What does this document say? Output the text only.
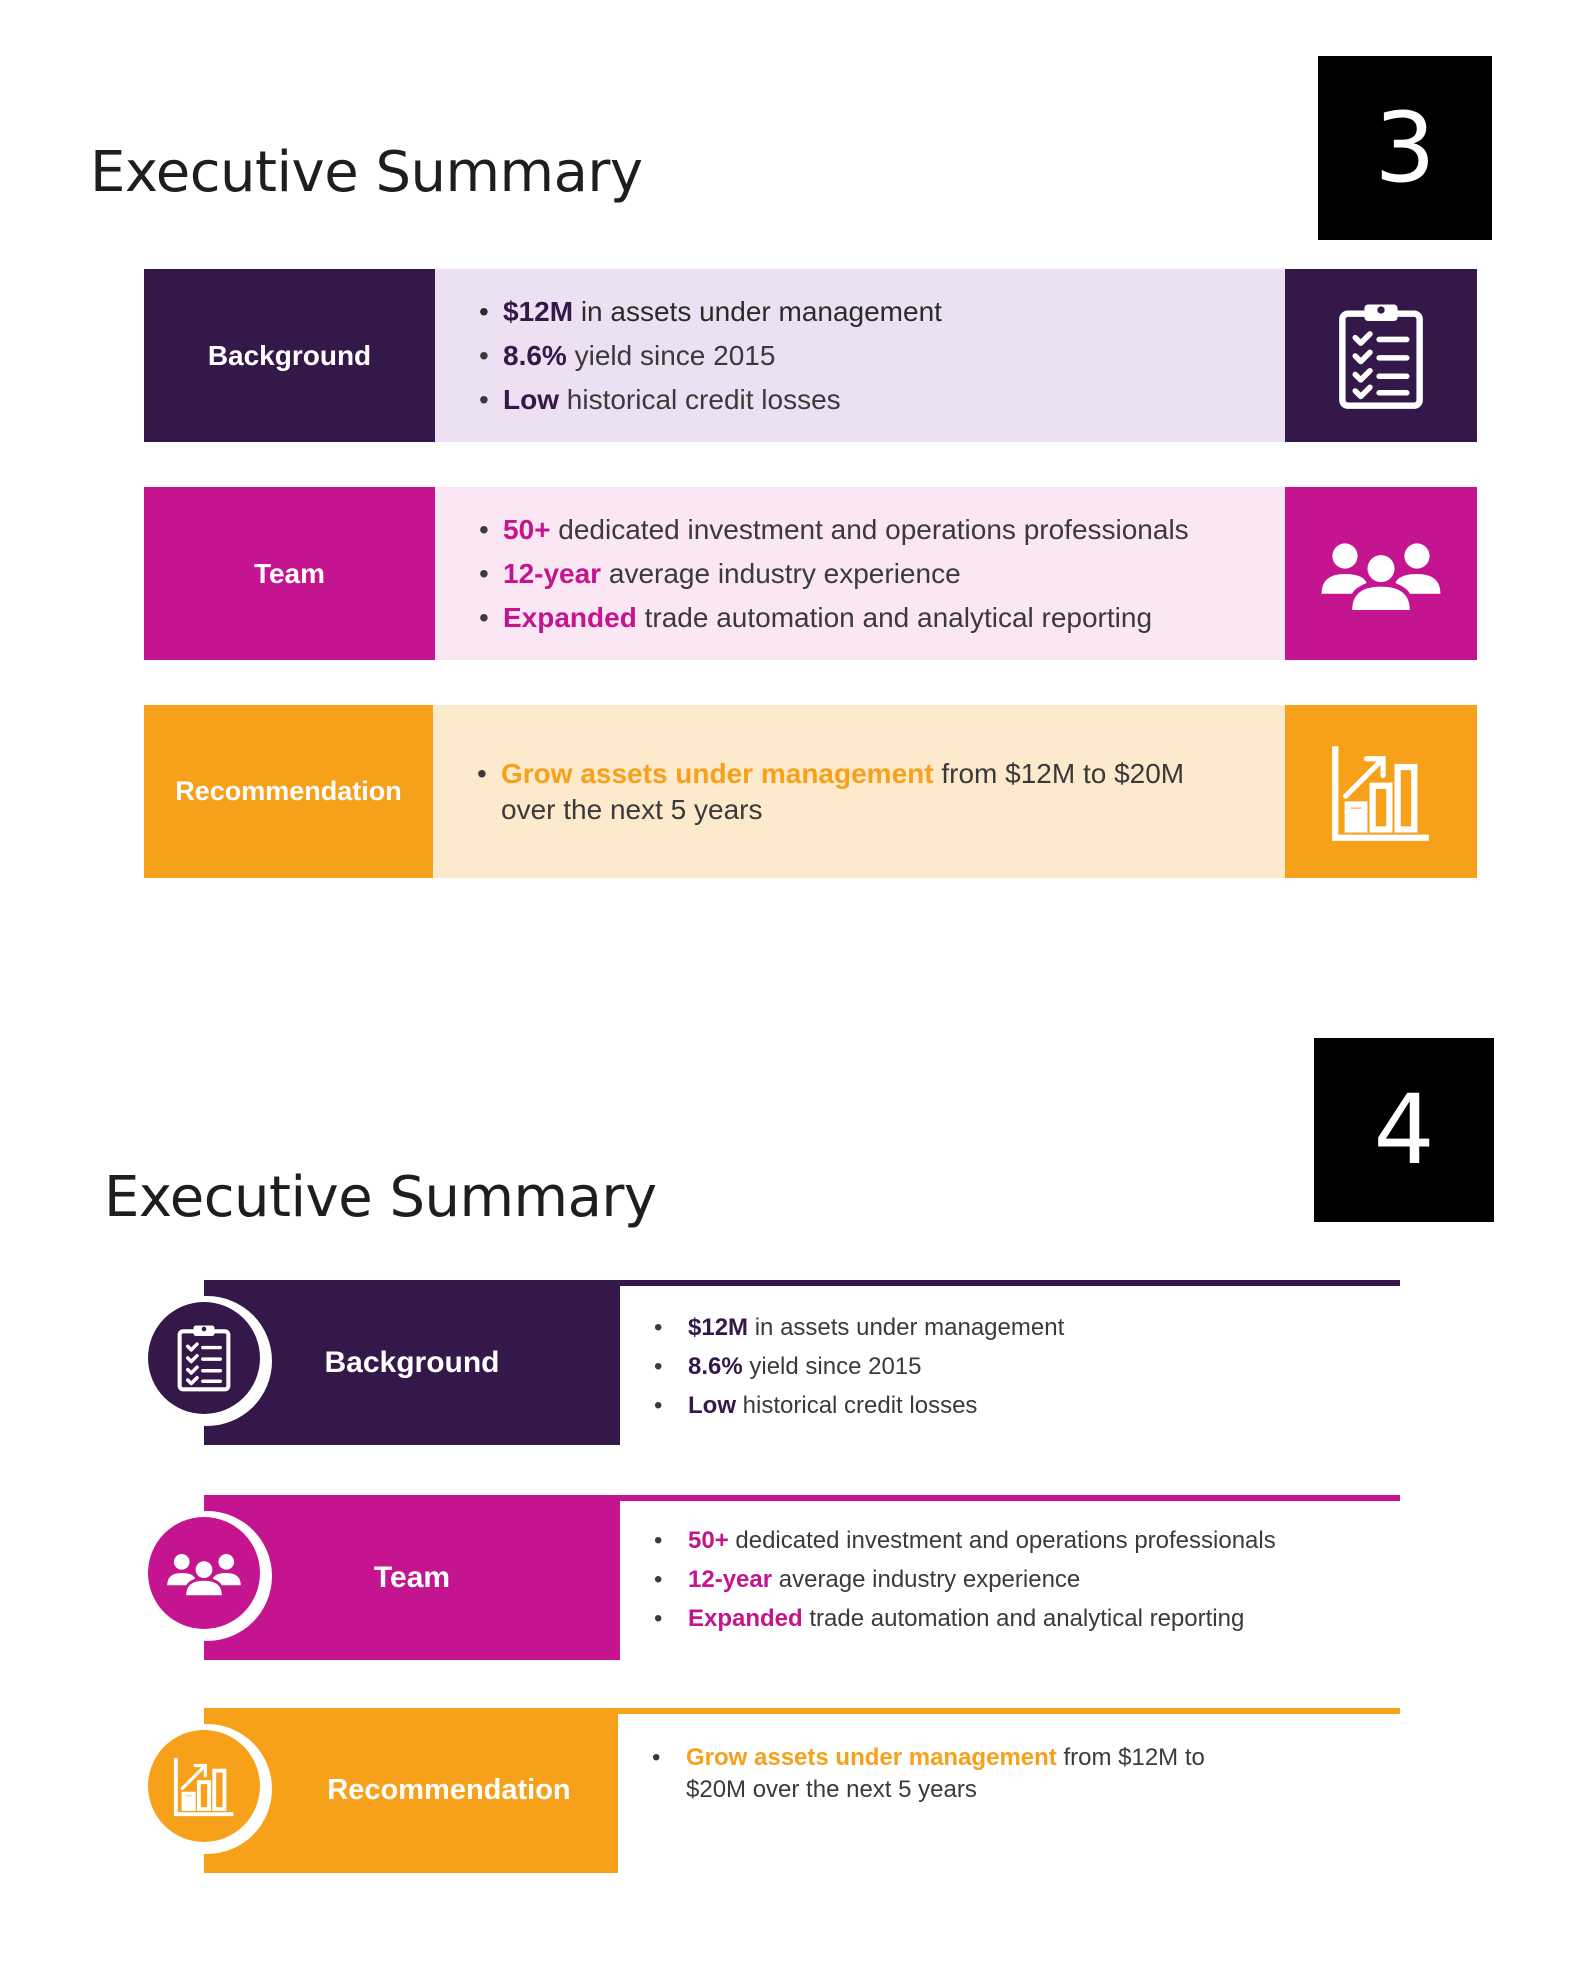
Executive Summary	3
Background
• $12M in assets under management
• 8.6% yield since 2015
• Low historical credit losses
Team
• 50+ dedicated investment and operations professionals
• 12-year average industry experience
• Expanded trade automation and analytical reporting
Recommendation
• Grow assets under management from $12M to $20M over the next 5 years
Executive Summary
4
Background
• $12M in assets under management
• 8.6% yield since 2015
• Low historical credit losses
Team
• 50+ dedicated investment and operations professionals
• 12-year average industry experience
• Expanded trade automation and analytical reporting
Recommendation
• Grow assets under management from $12M to $20M over the next 5 years
